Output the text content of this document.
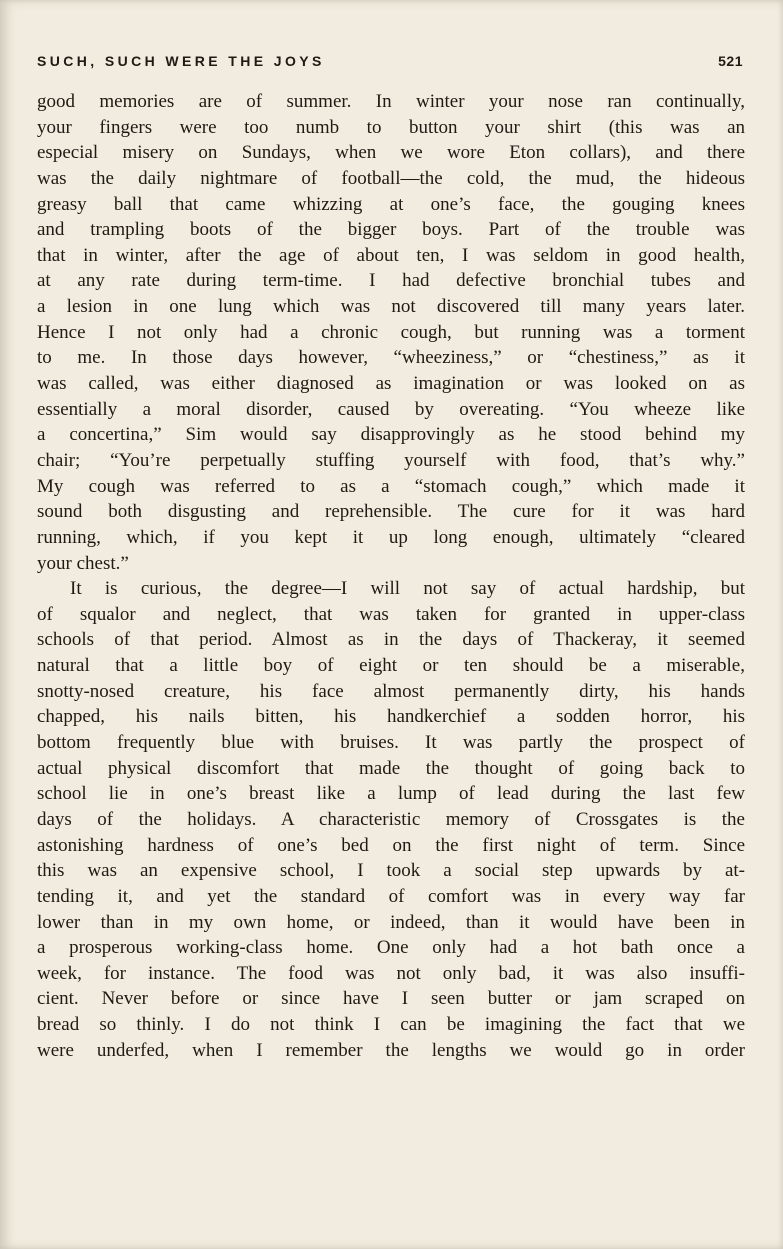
SUCH, SUCH WERE THE JOYS	521
good memories are of summer. In winter your nose ran continually,
your fingers were too numb to button your shirt (this was an
especial misery on Sundays, when we wore Eton collars), and there
was the daily nightmare of football—the cold, the mud, the hideous
greasy ball that came whizzing at one’s face, the gouging knees
and trampling boots of the bigger boys. Part of the trouble was
that in winter, after the age of about ten, I was seldom in good health,
at any rate during term-time. I had defective bronchial tubes and
a lesion in one lung which was not discovered till many years later.
Hence I not only had a chronic cough, but running was a torment
to me. In those days however, “wheeziness,” or “chestiness,” as it
was called, was either diagnosed as imagination or was looked on as
essentially a moral disorder, caused by overeating. “You wheeze like
a concertina,” Sim would say disapprovingly as he stood behind my
chair; “You’re perpetually stuffing yourself with food, that’s why.”
My cough was referred to as a “stomach cough,” which made it
sound both disgusting and reprehensible. The cure for it was hard
running, which, if you kept it up long enough, ultimately “cleared
your chest.”
It is curious, the degree—I will not say of actual hardship, but
of squalor and neglect, that was taken for granted in upper-class
schools of that period. Almost as in the days of Thackeray, it seemed
natural that a little boy of eight or ten should be a miserable,
snotty-nosed creature, his face almost permanently dirty, his hands
chapped, his nails bitten, his handkerchief a sodden horror, his
bottom frequently blue with bruises. It was partly the prospect of
actual physical discomfort that made the thought of going back to
school lie in one’s breast like a lump of lead during the last few
days of the holidays. A characteristic memory of Crossgates is the
astonishing hardness of one’s bed on the first night of term. Since
this was an expensive school, I took a social step upwards by at-
tending it, and yet the standard of comfort was in every way far
lower than in my own home, or indeed, than it would have been in
a prosperous working-class home. One only had a hot bath once a
week, for instance. The food was not only bad, it was also insuffi-
cient. Never before or since have I seen butter or jam scraped on
bread so thinly. I do not think I can be imagining the fact that we
were underfed, when I remember the lengths we would go in order
